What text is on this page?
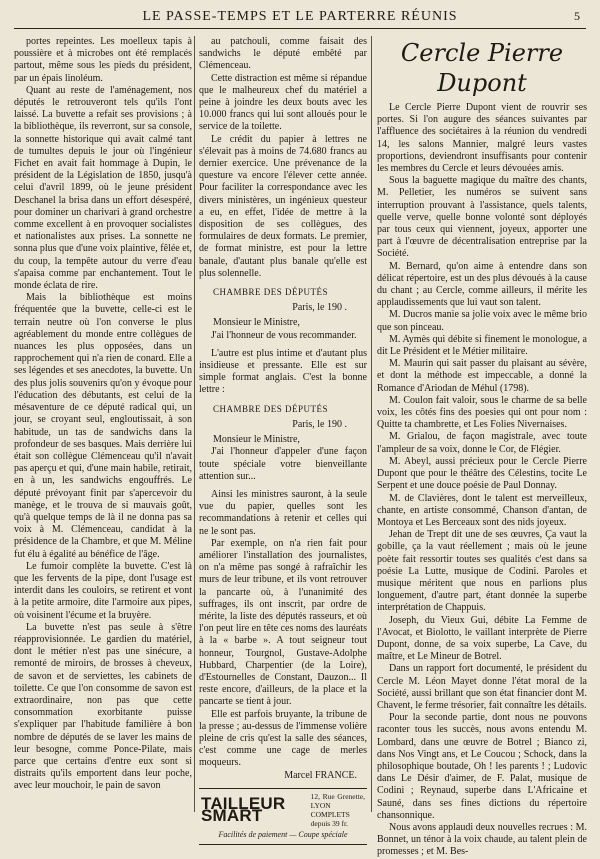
LE PASSE-TEMPS ET LE PARTERRE RÉUNIS	5

portes repeintes. Les moelleux tapis à poussière et à microbes ont été remplacés partout, même sous les pieds du président, par un épais linoléum.

Quant au reste de l'aménagement, nos députés le retrouveront tels qu'ils l'ont laissé. La buvette a refait ses provisions ; à la bibliothèque, ils reverront, sur sa console, la sonnette historique qui avait calmé tant de tumultes depuis le jour où l'ingénieur Fichet en avait fait hommage à Dupin, le président de la Législation de 1850, jusqu'à celui d'avril 1899, où le jeune président Deschanel la brisa dans un effort désespéré, pour dominer un charivari à grand orchestre comme excellent à en provoquer socialistes et nationalistes aux prises. La sonnette ne sonna plus que d'une voix plaintive, fêlée et, du coup, la tempête autour du verre d'eau s'apaisa comme par enchantement. Tout le monde éclata de rire.

Mais la bibliothèque est moins fréquentée que la buvette, celle-ci est le terrain neutre où l'on converse le plus agréablement du monde entre collègues de nuances les plus opposées, dans un rapprochement qui n'a rien de conard. Elle a ses légendes et ses anecdotes, la buvette. Un des plus jolis souvenirs qu'on y évoque pour l'éducation des débutants, est celui de la mésaventure de ce député radical qui, un jour, se croyant seul, engloutissait, à son habitude, un tas de sandwichs dans la profondeur de ses basques. Mais derrière lui était son collègue Clémenceau qu'il n'avait pas aperçu et qui, d'une main habile, retirait, en à un, les sandwichs engouffrés. Le député prévoyant finit par s'apercevoir du manège, et le trouva de si mauvais goût, qu'à quelque temps de là il ne donna pas sa voix à M. Clémenceau, candidat à la présidence de la Chambre, et que M. Méline fut élu à égalité au bénéfice de l'âge.

Le fumoir complète la buvette. C'est là que les fervents de la pipe, dont l'usage est interdit dans les couloirs, se retirent et vont à la petite armoire, dite l'armoire aux pipes, où voisinent l'écume et la bruyère.

La buvette n'est pas seule à s'être réapprovisionnée. Le gardien du matériel, dont le métier n'est pas une sinécure, a remonté de miroirs, de brosses à cheveux, de savon et de serviettes, les cabinets de toilette. Ce que l'on consomme de savon est extraordinaire, non pas que cette consommation exorbitante puisse s'expliquer par l'habitude familière à bon nombre de députés de se laver les mains de leur besogne, comme Ponce-Pilate, mais parce que certains d'entre eux sont si distraits qu'ils emportent dans leur poche, avec leur mouchoir, le pain de savon

au patchouli, comme faisait des sandwichs le député embêté par Clémenceau.

Cette distraction est même si répandue que le malheureux chef du matériel a peine à joindre les deux bouts avec les 10.000 francs qui lui sont alloués pour le service de la toilette.

Le crédit du papier à lettres ne s'élevait pas à moins de 74.680 francs au dernier exercice. Une prévenance de la questure va encore l'élever cette année. Pour faciliter la correspondance avec les divers ministères, un ingénieux questeur a eu, en effet, l'idée de mettre à la disposition de ses collègues, des formulaires de deux formats. Le premier, de format ministre, est pour la lettre banale, d'autant plus banale qu'elle est plus solennelle.

CHAMBRE DES DÉPUTÉS

Paris, le 190 .

Monsieur le Ministre,

J'ai l'honneur de vous recommander.

L'autre est plus intime et d'autant plus insidieuse et pressante. Elle est sur simple format anglais. C'est la bonne lettre :

CHAMBRE DES DÉPUTÉS

Paris, le 190 .

Monsieur le Ministre,

J'ai l'honneur d'appeler d'une façon toute spéciale votre bienveillante attention sur...

Ainsi les ministres sauront, à la seule vue du papier, quelles sont les recommandations à retenir et celles qui ne le sont pas.

Par exemple, on n'a rien fait pour améliorer l'installation des journalistes, on n'a même pas songé à rafraîchir les murs de leur tribune, et ils vont retrouver la pancarte où, à l'unanimité des suffrages, ils ont inscrit, par ordre de mérite, la liste des députés rasseurs, et où l'on peut lire en tête ces noms des lauréats à la « barbe ». A tout seigneur tout honneur, Tourgnol, Gustave-Adolphe Hubbard, Charpentier (de la Loire), d'Estournelles de Constant, Dauzon... Il reste encore, d'ailleurs, de la place et la pancarte se tient à jour.

Elle est parfois bruyante, la tribune de la presse ; au-dessus de l'immense volière pleine de cris qu'est la salle des séances, c'est comme une cage de merles moqueurs.

Marcel FRANCE.

TAILLEUR SMART
12, Rue Grenette, LYON
COMPLETS depuis 39 fr.
Facilités de paiement — Coupe spéciale
Cercle Pierre Dupont

Le Cercle Pierre Dupont vient de rouvrir ses portes. Si l'on augure des séances suivantes par l'affluence des sociétaires à la réunion du vendredi 14, les salons Mannier, malgré leurs vastes proportions, deviendront insuffisants pour contenir les membres du Cercle et leurs dévouées amis.

Sous la baguette magique du maître des chants, M. Pelletier, les numéros se suivent sans interruption prouvant à l'assistance, quels talents, quelle verve, quelle bonne volonté sont déployés par tous ceux qui viennent, joyeux, apporter une part à l'œuvre de décentralisation entreprise par la Société.

M. Bernard, qu'on aime à entendre dans son délicat répertoire, est un des plus dévoués à la cause du chant ; au Cercle, comme ailleurs, il mérite les applaudissements que lui vaut son talent.

M. Ducros manie sa jolie voix avec le même brio que son pinceau.

M. Aymès qui débite si finement le monologue, a dit Le Président et le Métier militaire.

M. Maurin qui sait passer du plaisant au sévère, et dont la méthode est impeccable, a donné la Romance d'Ariodan de Méhul (1798).

M. Coulon fait valoir, sous le charme de sa belle voix, les côtés fins des poesies qui ont pour nom : Quitte ta chambrette, et Les Folies Nivernaises.

M. Grialou, de façon magistrale, avec toute l'ampleur de sa voix, donne le Cor, de Flégier.

M. Abeyl, aussi précieux pour le Cercle Pierre Dupont que pour le théâtre des Célestins, tocite Le Serpent et une douce poésie de Paul Donnay.

M. de Clavières, dont le talent est merveilleux, chante, en artiste consommé, Chanson d'antan, de Montoya et Les Berceaux sont des nids joyeux.

Jehan de Trept dit une de ses œuvres, Ça vaut la gobille, ça la vaut réellement ; mais où le jeune poète fait ressortir toutes ses qualités c'est dans sa poésie La Lutte, musique de Codini. Paroles et musique méritent que nous en parlions plus longuement, d'autre part, étant donnée la superbe interprétation de Chappuis.

Joseph, du Vieux Gui, débite La Femme de l'Avocat, et Biolotto, le vaillant interprète de Pierre Dupont, donne, de sa voix superbe, La Cave, du maître, et Le Mineur de Botrel.

Dans un rapport fort documenté, le président du Cercle M. Léon Mayet donne l'état moral de la Société, aussi brillant que son état financier dont M. Chavent, le ferme trésorier, fait connaître les détails.

Pour la seconde partie, dont nous ne pouvons raconter tous les succès, nous avons entendu M. Lombard, dans une œuvre de Botrel ; Bianco zi, dans Nos Vingt ans, et Le Coucou ; Schock, dans la philosophique boutade, Oh ! les parents ! ; Ludovic dans Le Désir d'aimer, de F. Palat, musique de Codini ; Reynaud, superbe dans L'Africaine et Sauné, dans ses fines dictions du répertoire chansonnique.

Nous avons applaudi deux nouvelles recrues : M. Bonnet, un ténor à la voix chaude, au talent plein de promesses ; et M. Bes-
